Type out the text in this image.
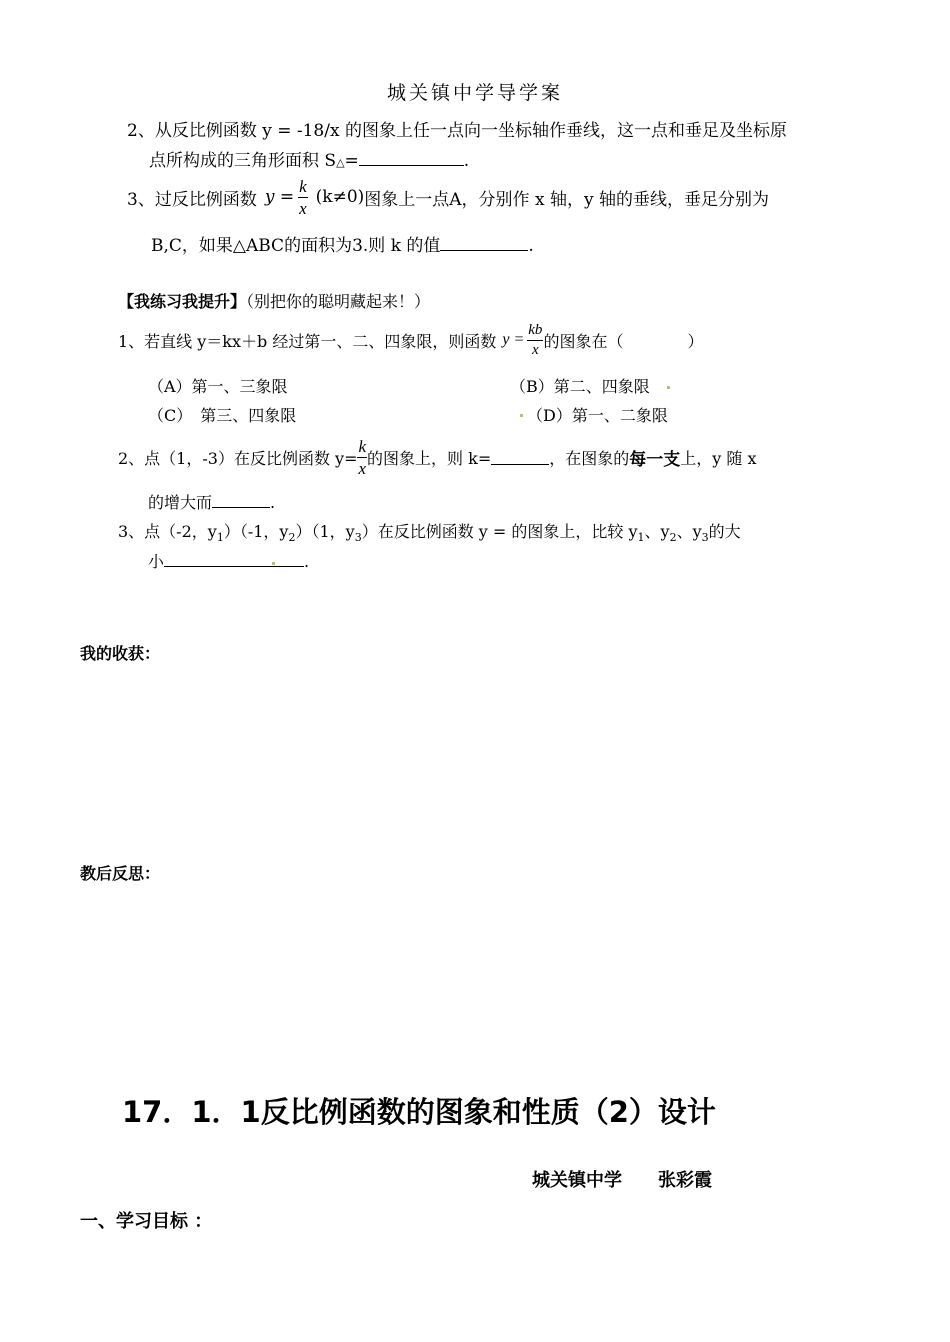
城关镇中学导学案
2、从反比例函数 y = -18/x 的图象上任一点向一坐标轴作垂线，这一点和垂足及坐标原
点所构成的三角形面积 S△=	.
3、过反比例函数 $y = \frac{k}{x} (k\ne 0)$ 图象上一点A，分别作 x 轴，y 轴的垂线，垂足分别为
B,C，如果△ABC的面积为3.则 k 的值	.
【我练习我提升】（别把你的聪明藏起来！）
1、若直线 y＝kx＋b 经过第一、二、四象限，则函数 $y = \frac{kb}{x}$ 的图象在（　　　　）
（A）第一、三象限	（B）第二、四象限
（C）　第三、四象限	（D）第一、二象限
2、点（1，-3）在反比例函数 $y= \frac{k}{x}$ 的图象上，则 k=	，在图象的 每一支 上，y 随 x
的增大而	.
3、点（-2，$y_1)(-1$，$y_2)(1$，$y_3$）在反比例函数 y = 的图象上，比较 $y_1$、$y_2$、$y_3$的大
小	.
我的收获：
教后反思：
17．1．1反比例函数的图象和性质（2）设计
城关镇中学　　张彩霞
一、学习目标 ：
